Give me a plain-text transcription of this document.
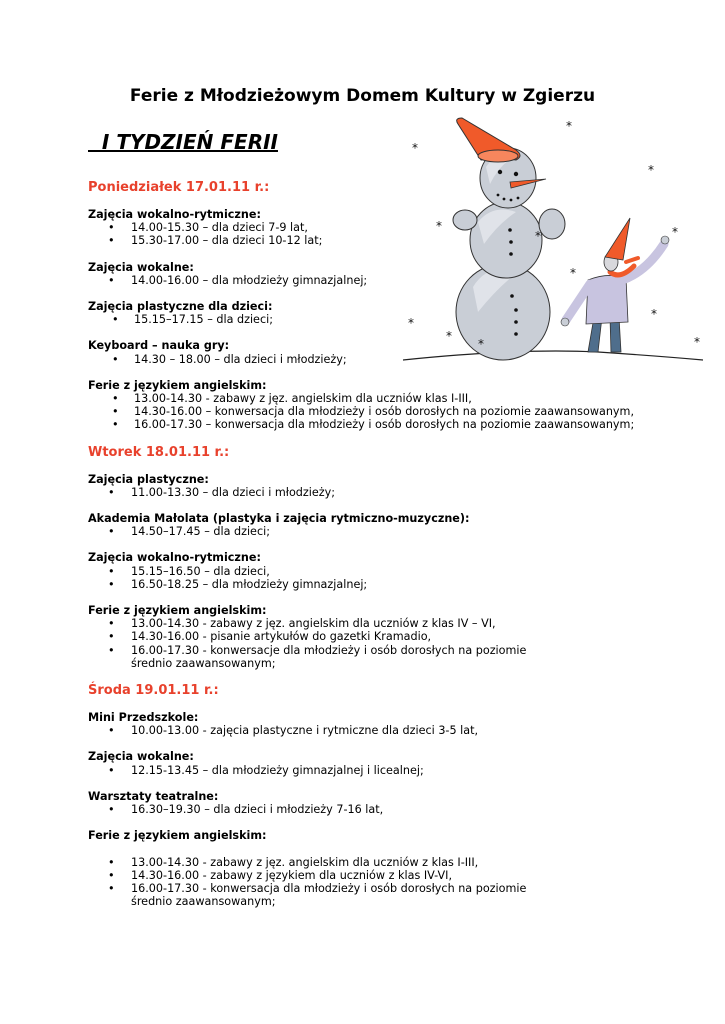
Ferie z Młodzieżowym Domem Kultury w Zgierzu
I TYDZIEŃ FERII
Poniedziałek 17.01.11 r.:
Zajęcia wokalno-rytmiczne:
• 14.00-15.30 – dla dzieci 7-9 lat,
• 15.30-17.00 – dla dzieci 10-12 lat;
Zajęcia wokalne:
• 14.00-16.00 – dla młodzieży gimnazjalnej;
Zajęcia plastyczne dla dzieci:
• 15.15–17.15 – dla dzieci;
Keyboard – nauka gry:
• 14.30 – 18.00 – dla dzieci i młodzieży;
Ferie z językiem angielskim:
• 13.00-14.30 - zabawy z jęz. angielskim dla uczniów klas I-III,
• 14.30-16.00 – konwersacja dla młodzieży i osób dorosłych na poziomie zaawansowanym,
• 16.00-17.30 – konwersacja dla młodzieży i osób dorosłych na poziomie zaawansowanym;
Wtorek 18.01.11 r.:
Zajęcia plastyczne:
• 11.00-13.30 – dla dzieci i młodzieży;
Akademia Małolata (plastyka i zajęcia rytmiczno-muzyczne):
• 14.50–17.45 – dla dzieci;
Zajęcia wokalno-rytmiczne:
• 15.15–16.50 – dla dzieci,
• 16.50-18.25 – dla młodzieży gimnazjalnej;
Ferie z językiem angielskim:
• 13.00-14.30 - zabawy z jęz. angielskim dla uczniów z klas IV – VI,
• 14.30-16.00 - pisanie artykułów do gazetki Kramadio,
• 16.00-17.30 - konwersacje dla młodzieży i osób dorosłych na poziomie średnio zaawansowanym;
Środa 19.01.11 r.:
Mini Przedszkole:
• 10.00-13.00 - zajęcia plastyczne i rytmiczne dla dzieci 3-5 lat,
Zajęcia wokalne:
• 12.15-13.45 – dla młodzieży gimnazjalnej i licealnej;
Warsztaty teatralne:
• 16.30–19.30 – dla dzieci i młodzieży 7-16 lat,
Ferie z językiem angielskim:
• 13.00-14.30 - zabawy z jęz. angielskim dla uczniów z klas I-III,
• 14.30-16.00 - zabawy z językiem dla uczniów z klas IV-VI,
• 16.00-17.30 - konwersacja dla młodzieży i osób dorosłych na poziomie średnio zaawansowanym;
*
*
*
*
*
*
*
*
*
*
*
*
